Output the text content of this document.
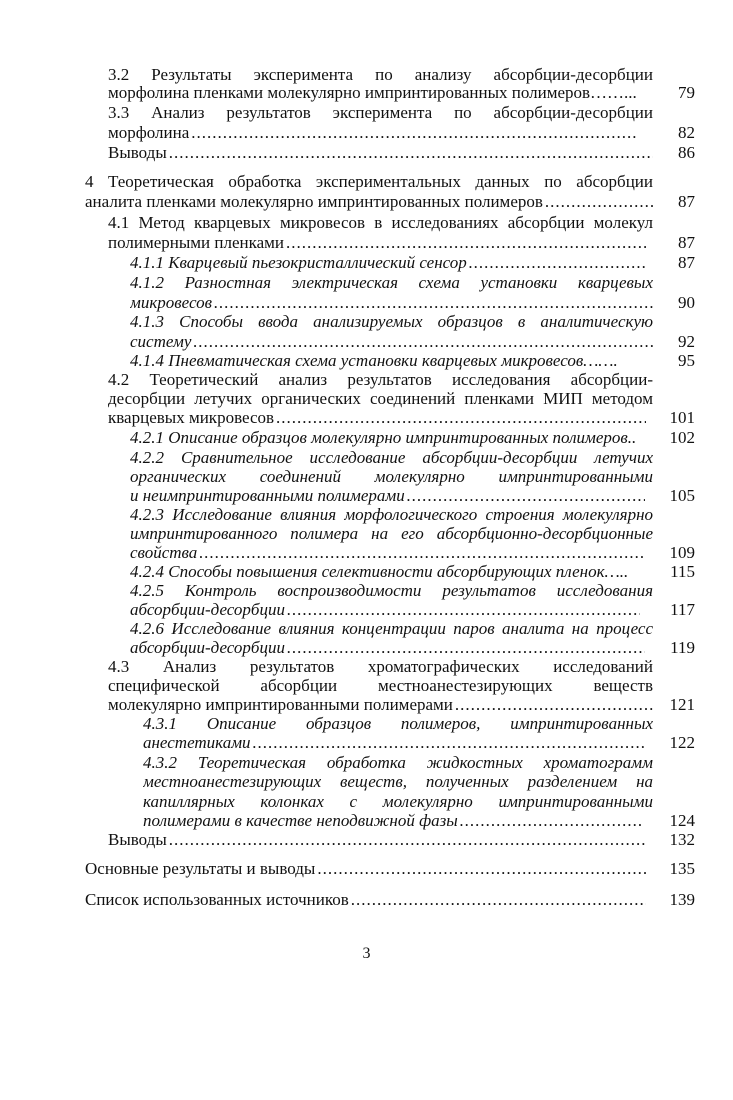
3.2 Результаты эксперимента по анализу абсорбции-десорбции
морфолина пленками молекулярно импринтированных полимеров……...	79
3.3 Анализ результатов эксперимента по абсорбции-десорбции
морфолина .....	82
Выводы .....	86
4 Теоретическая обработка экспериментальных данных по абсорбции
аналита пленками молекулярно импринтированных полимеров .....	87
4.1 Метод кварцевых микровесов в исследованиях абсорбции молекул
полимерными пленками .....	87
4.1.1 Кварцевый пьезокристаллический сенсор .....	87
4.1.2 Разностная электрическая схема установки кварцевых
микровесов .....	90
4.1.3 Способы ввода анализируемых образцов в аналитическую
систему .....	92
4.1.4 Пневматическая схема установки кварцевых микровесов…….	95
4.2 Теоретический анализ результатов исследования абсорбции-
десорбции летучих органических соединений пленками МИП методом
кварцевых микровесов .....	101
4.2.1 Описание образцов молекулярно импринтированных полимеров..	102
4.2.2 Сравнительное исследование абсорбции-десорбции летучих
органических соединений молекулярно импринтированными
и неимпринтированными полимерами .....	105
4.2.3 Исследование влияния морфологического строения молекулярно
импринтированного полимера на его абсорбционно-десорбционные
свойства .....	109
4.2.4 Способы повышения селективности абсорбирующих пленок…..	115
4.2.5 Контроль воспроизводимости результатов исследования
абсорбции-десорбции .....	117
4.2.6 Исследование влияния концентрации паров аналита на процесс
абсорбции-десорбции .....	119
4.3 Анализ результатов хроматографических исследований
специфической абсорбции местноанестезирующих веществ
молекулярно импринтированными полимерами .....	121
4.3.1 Описание образцов полимеров, импринтированных
анестетиками .....	122
4.3.2 Теоретическая обработка жидкостных хроматограмм
местноанестезирующих веществ, полученных разделением на
капиллярных колонках с молекулярно импринтированными
полимерами в качестве неподвижной фазы .....	124
Выводы .....	132
Основные результаты и выводы .....	135
Список использованных источников .....	139
3
